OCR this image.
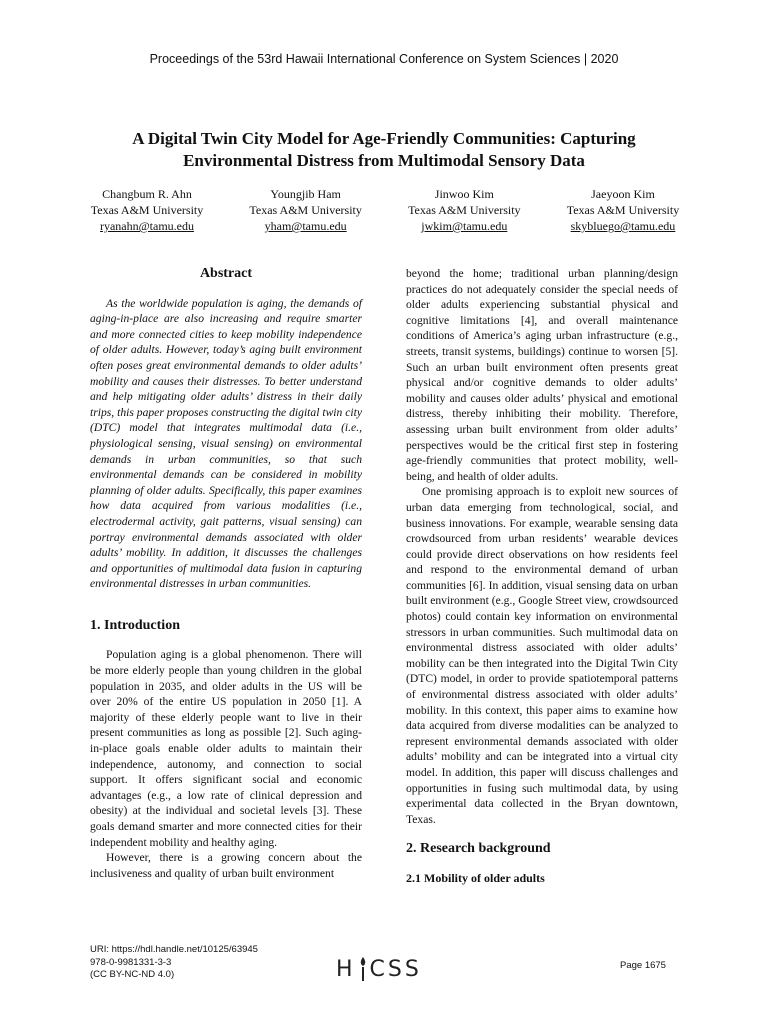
Proceedings of the 53rd Hawaii International Conference on System Sciences | 2020
A Digital Twin City Model for Age-Friendly Communities: Capturing
Environmental Distress from Multimodal Sensory Data
Changbum R. Ahn
Texas A&M University
ryanahn@tamu.edu
Youngjib Ham
Texas A&M University
yham@tamu.edu
Jinwoo Kim
Texas A&M University
jwkim@tamu.edu
Jaeyoon Kim
Texas A&M University
skybluego@tamu.edu
Abstract

As the worldwide population is aging, the demands of aging-in-place are also increasing and require smarter and more connected cities to keep mobility independence of older adults. However, today’s aging built environment often poses great environmental demands to older adults’ mobility and causes their distresses. To better understand and help mitigating older adults’ distress in their daily trips, this paper proposes constructing the digital twin city (DTC) model that integrates multimodal data (i.e., physiological sensing, visual sensing) on environmental demands in urban communities, so that such environmental demands can be considered in mobility planning of older adults. Specifically, this paper examines how data acquired from various modalities (i.e., electrodermal activity, gait patterns, visual sensing) can portray environmental demands associated with older adults’ mobility. In addition, it discusses the challenges and opportunities of multimodal data fusion in capturing environmental distresses in urban communities.

1. Introduction

Population aging is a global phenomenon. There will be more elderly people than young children in the global population in 2035, and older adults in the US will be over 20% of the entire US population in 2050 [1]. A majority of these elderly people want to live in their present communities as long as possible [2]. Such aging-in-place goals enable older adults to maintain their independence, autonomy, and connection to social support. It offers significant social and economic advantages (e.g., a low rate of clinical depression and obesity) at the individual and societal levels [3]. These goals demand smarter and more connected cities for their independent mobility and healthy aging.

However, there is a growing concern about the inclusiveness and quality of urban built environment

beyond the home; traditional urban planning/design practices do not adequately consider the special needs of older adults experiencing substantial physical and cognitive limitations [4], and overall maintenance conditions of America’s aging urban infrastructure (e.g., streets, transit systems, buildings) continue to worsen [5]. Such an urban built environment often presents great physical and/or cognitive demands to older adults’ mobility and causes older adults’ physical and emotional distress, thereby inhibiting their mobility. Therefore, assessing urban built environment from older adults’ perspectives would be the critical first step in fostering age-friendly communities that protect mobility, well-being, and health of older adults.

One promising approach is to exploit new sources of urban data emerging from technological, social, and business innovations. For example, wearable sensing data crowdsourced from urban residents’ wearable devices could provide direct observations on how residents feel and respond to the environmental demand of urban communities [6]. In addition, visual sensing data on urban built environment (e.g., Google Street view, crowdsourced photos) could contain key information on environmental stressors in urban communities. Such multimodal data on environmental distress associated with older adults’ mobility can be then integrated into the Digital Twin City (DTC) model, in order to provide spatiotemporal patterns of environmental distress associated with older adults’ mobility. In this context, this paper aims to examine how data acquired from diverse modalities can be analyzed to represent environmental demands associated with older adults’ mobility and can be integrated into a virtual city model. In addition, this paper will discuss challenges and opportunities in fusing such multimodal data, by using experimental data collected in the Bryan downtown, Texas.

2. Research background
2.1 Mobility of older adults
URI: https://hdl.handle.net/10125/63945
978-0-9981331-3-3
(CC BY-NC-ND 4.0)	H CSS	Page 1675
